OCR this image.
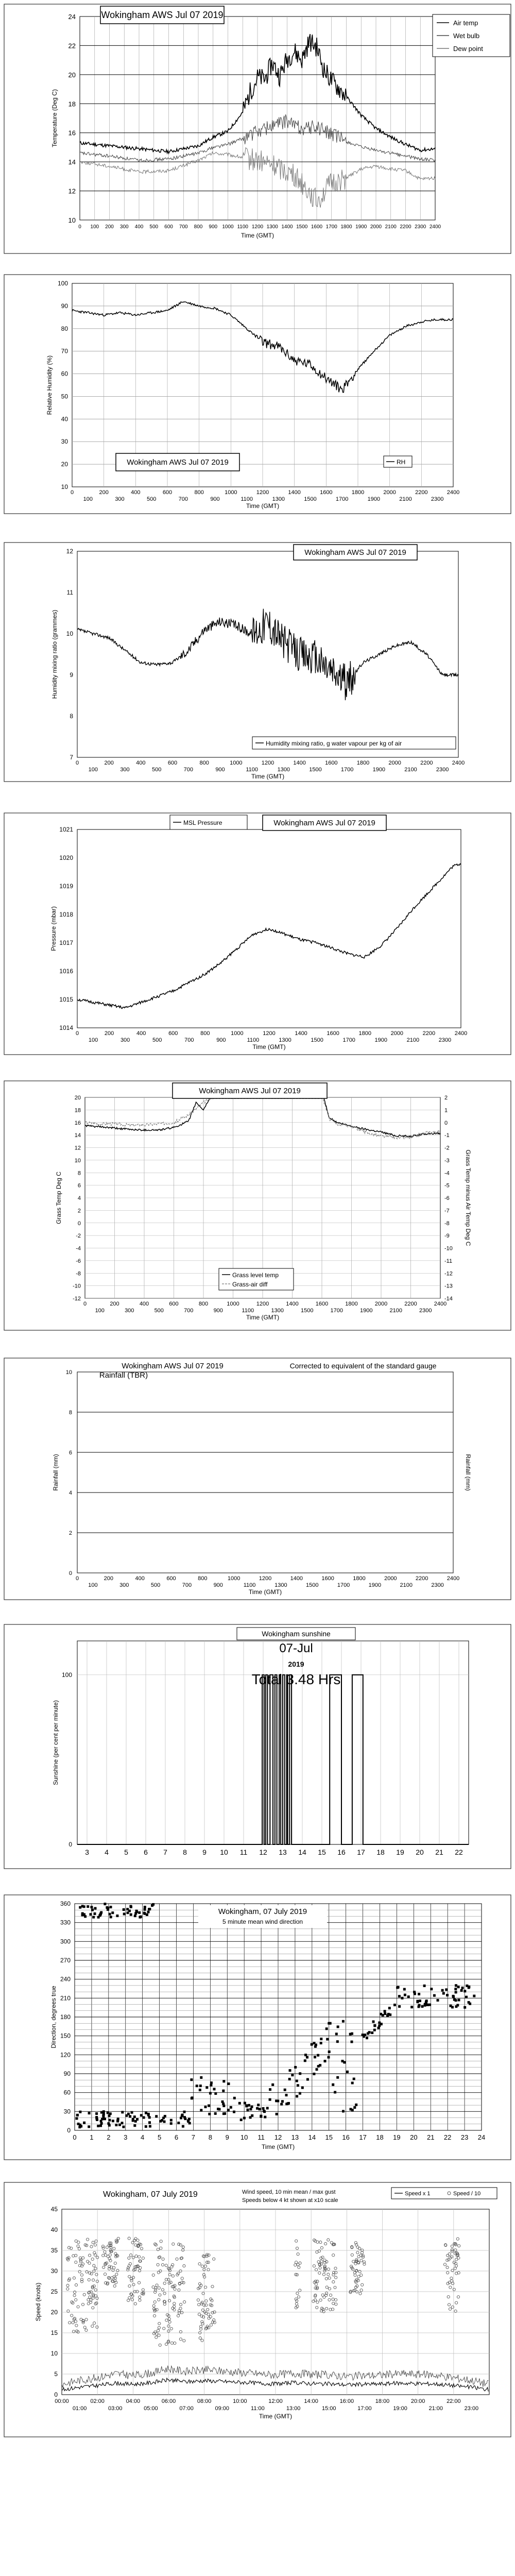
10
12
14
16
18
20
22
24
0 100 200 300 400 500 600 700 800 900 1000 1100 1200 1300 1400 1500 1600 1700 1800 1900 2000 2100 2200 2300 2400
Time (GMT)
Temperature (Deg C)
Wokingham AWS Jul 07 2019
Air temp
Wet bulb
Dew point
10
20
30
40
50
60
70
80
90
100
0	200	400	600	800	1000	1200	1400	1600	1800	2000	2200	2400
100	300	500	700	900	1100	1300	1500	1700	1900	2100	2300
Time (GMT)
Relative Humidity (%)
Wokingham AWS Jul 07 2019	RH
7
8
9
10
11
12
0	200	400	600	800	1000	1200	1400	1600	1800	2000	2200	2400
100	300	500	700	900	1100	1300	1500	1700	1900	2100	2300
Time (GMT)
Humidity mixing ratio (grammes)
Wokingham AWS Jul 07 2019
Humidity mixing ratio, g water vapour per kg of air
1014
1015
1016
1017
1018
1019
1020
1021
0	200	400	600	800	1000	1200	1400	1600	1800	2000	2200	2400
100	300	500	700	900	1100	1300	1500	1700	1900	2100	2300
Time (GMT)
Pressure (mbar)
MSL Pressure	Wokingham AWS Jul 07 2019
-12
-10
-8
-6
-4
-2
0
2
4
6
8
10
12
14
16
18
20
-14
-13
-12
-11
-10
-9
-8
-7
-6
-5
-4
-3
-2
-1
0
1
2
0	200	400	600	800	1000	1200	1400	1600	1800	2000	2200	2400
100	300	500	700	900	1100	1300	1500	1700	1900	2100	2300
Time (GMT)
Grass Temp Deg C	Grass Temp minus Air Temp Deg C
Wokingham AWS Jul 07 2019
Grass level temp
Grass-air diff
0
2
4
6
8
10
0	200	400	600	800	1000	1200	1400	1600	1800	2000	2200	2400
100	300	500	700	900	1100	1300	1500	1700	1900	2100	2300
Time (GMT)
Rainfall (mm)	Rainfall (mm)
Wokingham AWS Jul 07 2019
Rainfall (TBR)
Corrected to equivalent of the standard gauge
0
100
3 4 5 6 7 8 9 10 11 12 13 14 15 16 17 18 19 20 21 22
Sunshine (per cent per minute)
Wokingham sunshine
07-Jul
2019
Total 3.48 Hrs
0
30
60
90
120
150
180
210
240
270
300
330
360
0 1 2 3 4 5 6 7 8 9 10 11 12 13 14 15 16 17 18 19 20 21 22 23 24
Time (GMT)
Direction, degrees true
Wokingham, 07 July 2019
5 minute mean wind direction
0
5
10
15
20
25
30
35
40
45
00:00	02:00	04:00	06:00	08:00	10:00	12:00	14:00	16:00	18:00	20:00	22:00
01:00	03:00	05:00	07:00	09:00	11:00	13:00	15:00	17:00	19:00	21:00	23:00
Time (GMT)
Speed (knots)
Wokingham, 07 July 2019	Wind speed, 10 min mean / max gust
Speeds below 4 kt shown at x10 scale
Speed x 1	Speed / 10
